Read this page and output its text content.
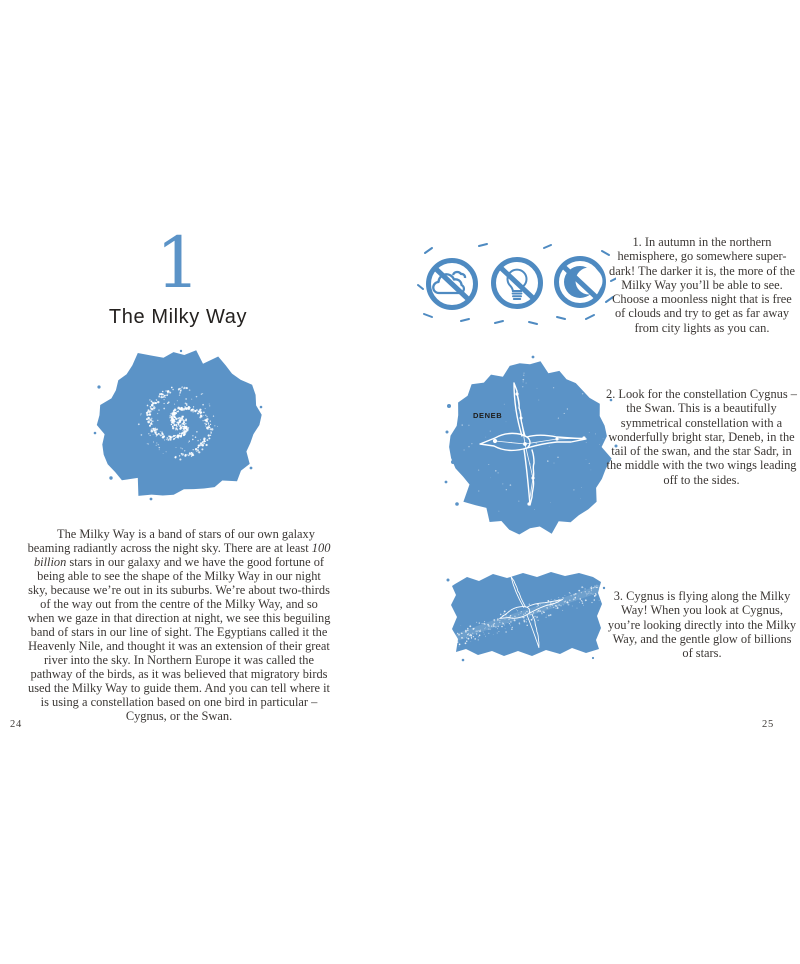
1
The Milky Way

The Milky Way is a band of stars of our own galaxy beaming radiantly across the night sky. There are at least 100 billion stars in our galaxy and we have the good fortune of being able to see the shape of the Milky Way in our night sky, because we’re out in its suburbs. We’re about two-thirds of the way out from the centre of the Milky Way, and so when we gaze in that direction at night, we see this beguiling band of stars in our line of sight. The Egyptians called it the Heavenly Nile, and thought it was an extension of their great river into the sky. In Northern Europe it was called the pathway of the birds, as it was believed that migratory birds used the Milky Way to guide them. And you can tell where it is using a constellation based on one bird in particular – Cygnus, or the Swan.

24
1. In autumn in the northern hemisphere, go somewhere super-dark! The darker it is, the more of the Milky Way you’ll be able to see. Choose a moonless night that is free of clouds and try to get as far away from city lights as you can.
DENEB
2. Look for the constellation Cygnus – the Swan. This is a beautifully symmetrical constellation with a wonderfully bright star, Deneb, in the tail of the swan, and the star Sadr, in the middle with the two wings leading off to the sides.
3. Cygnus is flying along the Milky Way! When you look at Cygnus, you’re looking directly into the Milky Way, and the gentle glow of billions of stars.
25
